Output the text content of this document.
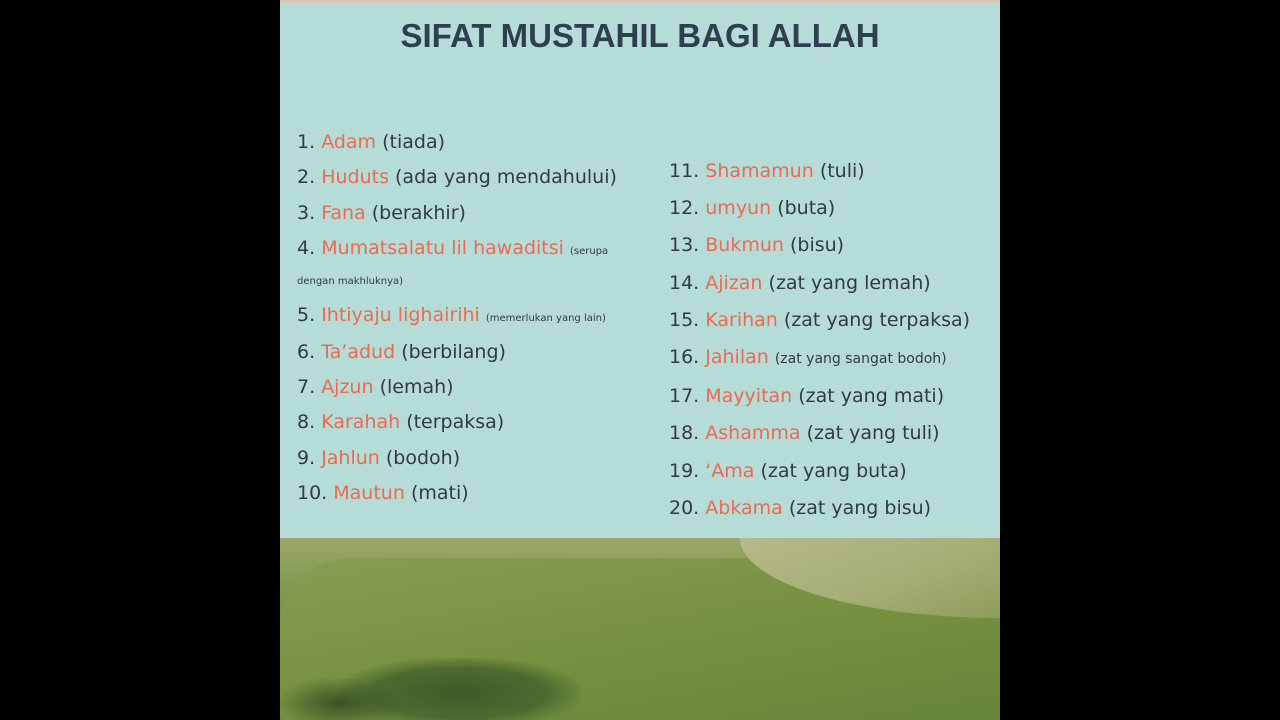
SIFAT MUSTAHIL BAGI ALLAH
1. Adam (tiada)
2. Huduts (ada yang mendahului)
3. Fana (berakhir)
4. Mumatsalatu lil hawaditsi (serupa dengan makhluknya)
5. Ihtiyaju lighairihi (memerlukan yang lain)
6. Ta’adud (berbilang)
7. Ajzun (lemah)
8. Karahah (terpaksa)
9. Jahlun (bodoh)
10. Mautun (mati)
11. Shamamun (tuli)
12. umyun (buta)
13. Bukmun (bisu)
14. Ajizan (zat yang lemah)
15. Karihan (zat yang terpaksa)
16. Jahilan (zat yang sangat bodoh)
17. Mayyitan (zat yang mati)
18. Ashamma (zat yang tuli)
19. ‘Ama (zat yang buta)
20. Abkama (zat yang bisu)
